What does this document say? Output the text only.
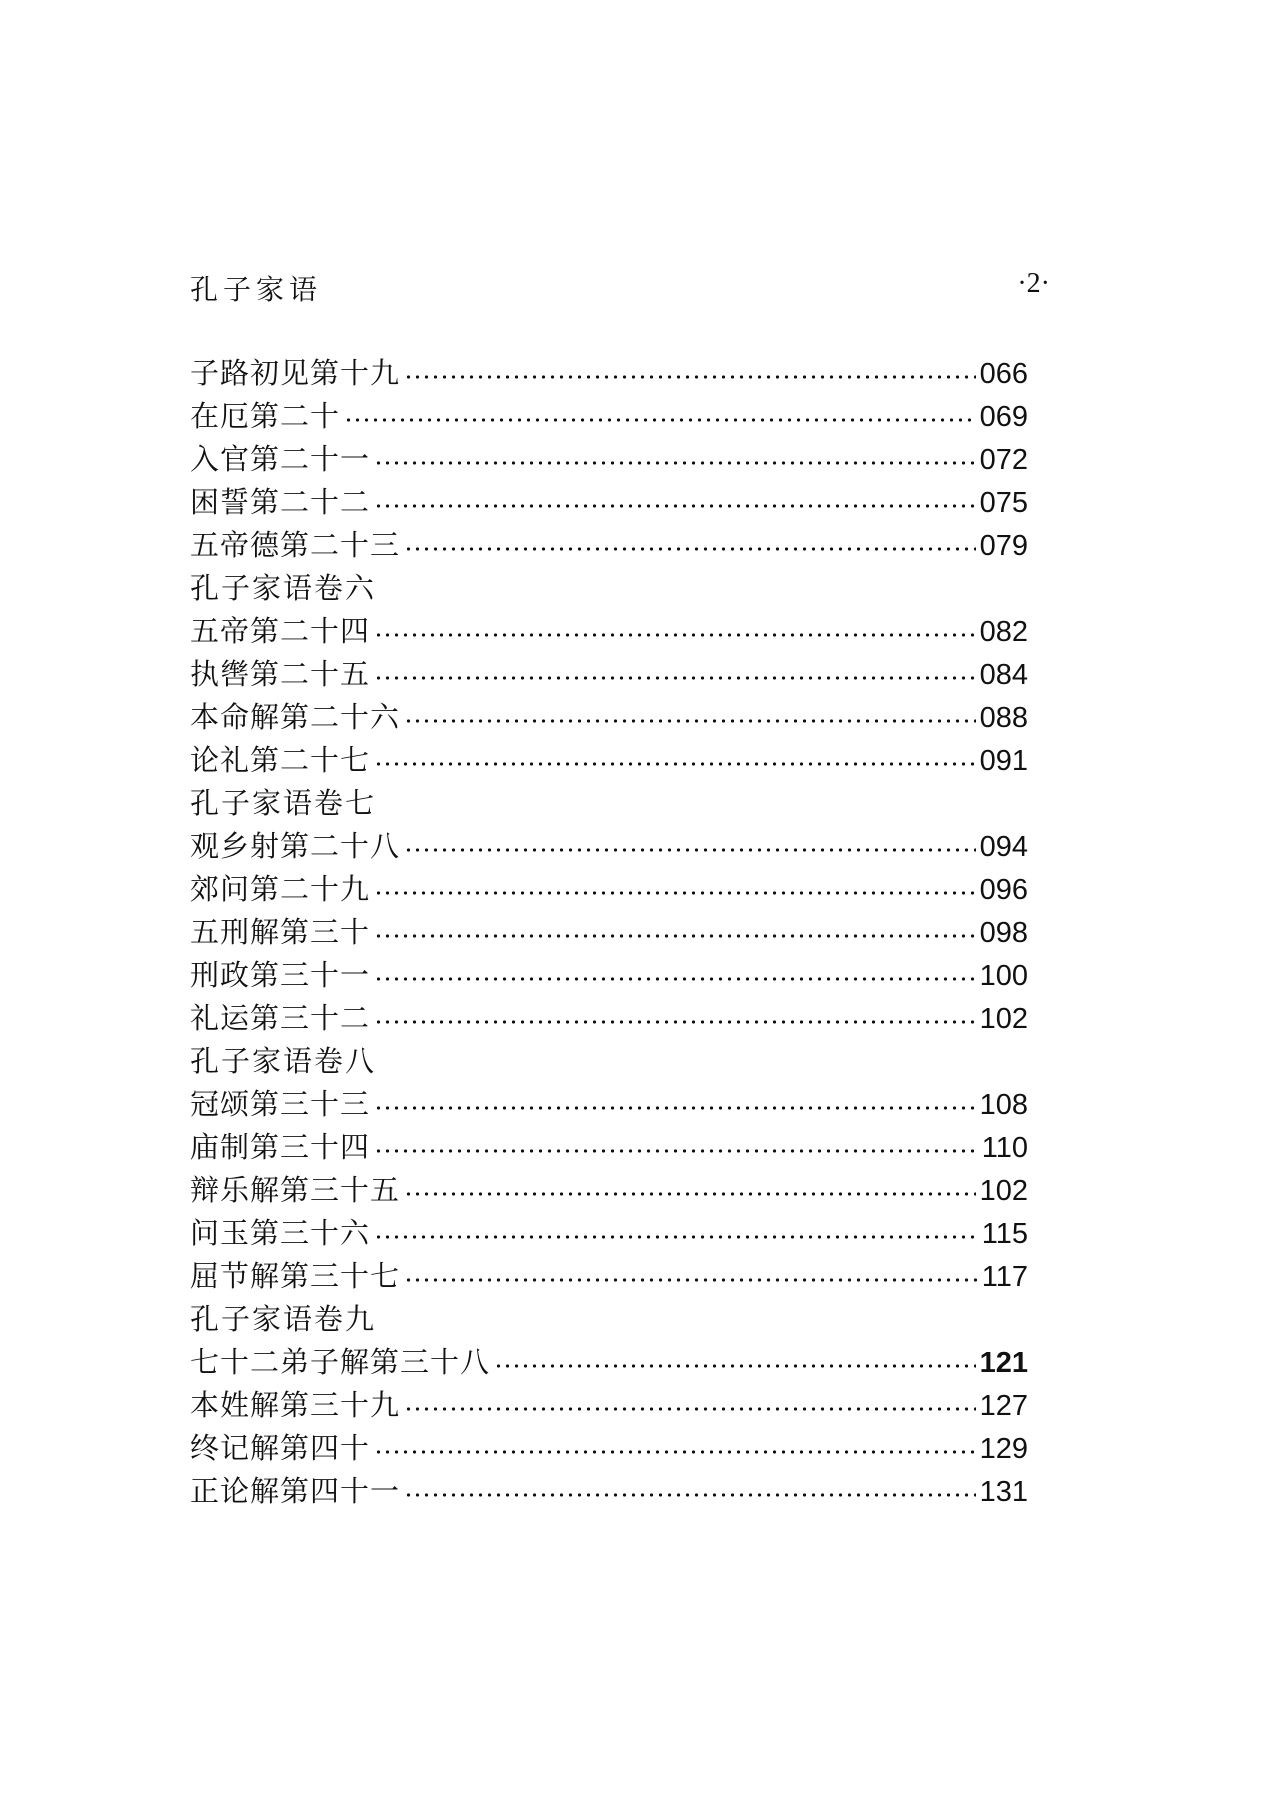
孔子家语	·2·
子路初见第十九	066
在厄第二十	069
入官第二十一	072
困誓第二十二	075
五帝德第二十三	079
孔子家语卷六
五帝第二十四	082
执辔第二十五	084
本命解第二十六	088
论礼第二十七	091
孔子家语卷七
观乡射第二十八	094
郊问第二十九	096
五刑解第三十	098
刑政第三十一	100
礼运第三十二	102
孔子家语卷八
冠颂第三十三	108
庙制第三十四	110
辩乐解第三十五	102
问玉第三十六	115
屈节解第三十七	117
孔子家语卷九
七十二弟子解第三十八	121
本姓解第三十九	127
终记解第四十	129
正论解第四十一	131
